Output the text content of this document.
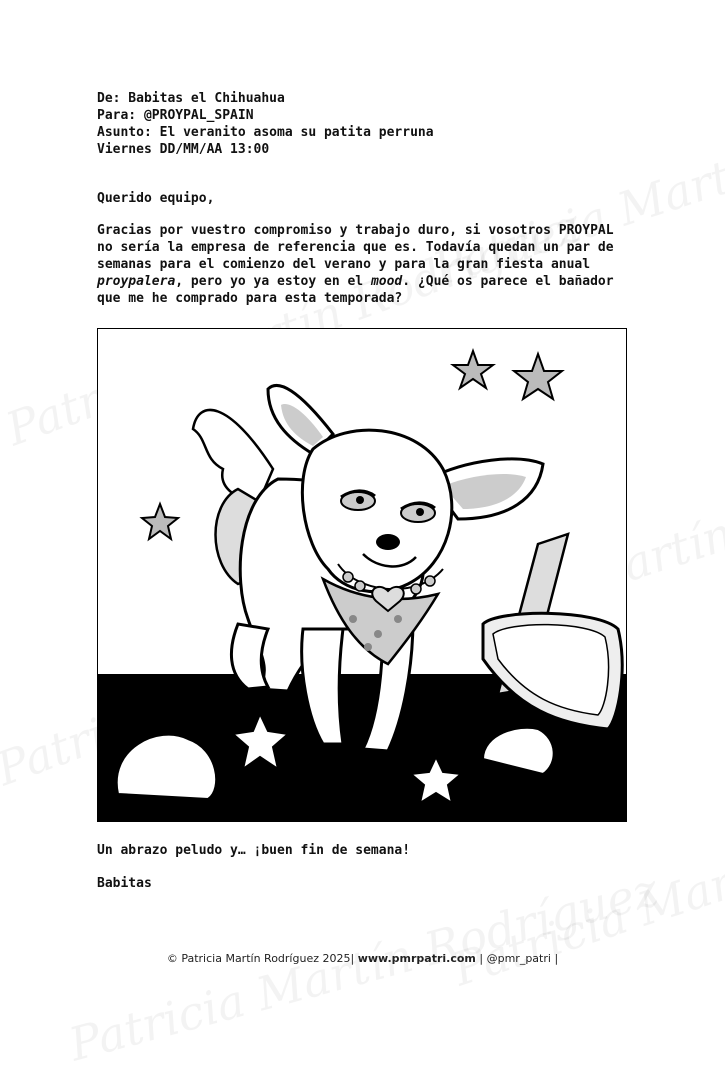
De: Babitas el Chihuahua
Para: @PROYPAL_SPAIN
Asunto: El veranito asoma su patita perruna
Viernes DD/MM/AA 13:00
Querido equipo,
Gracias por vuestro compromiso y trabajo duro, si vosotros PROYPAL
no sería la empresa de referencia que es. Todavía quedan un par de
semanas para el comienzo del verano y para la gran fiesta anual
proypalera, pero yo ya estoy en el mood. ¿Qué os parece el bañador
que me he comprado para esta temporada?
Un abrazo peludo y… ¡buen fin de semana!
Babitas
© Patricia Martín Rodríguez 2025| www.pmrpatri.com | @pmr_patri |
